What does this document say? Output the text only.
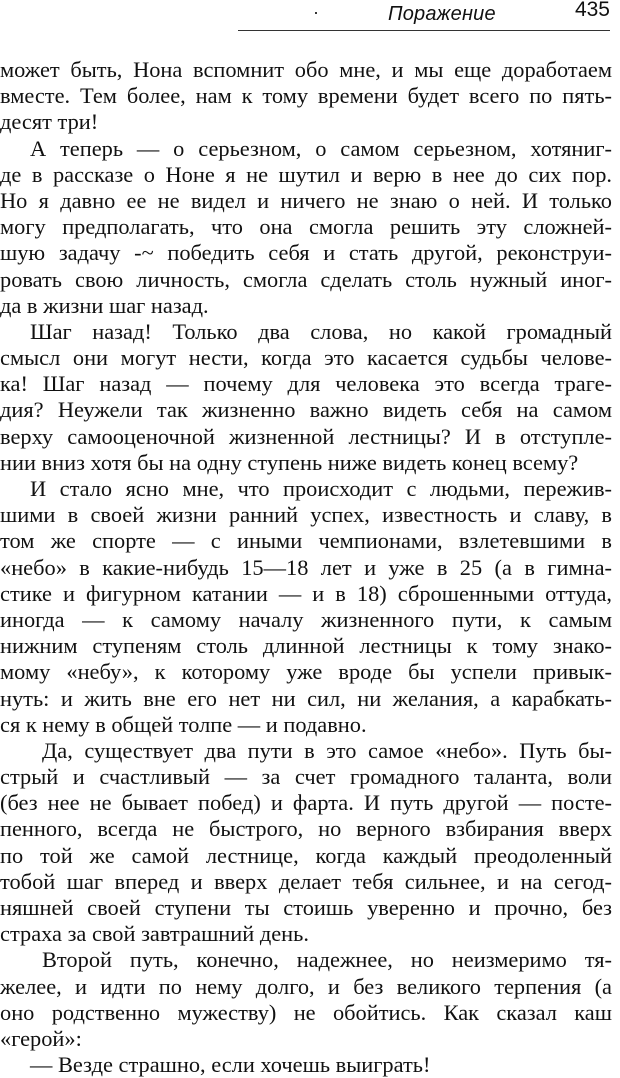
·	Поражение	435
может быть, Нона вспомнит обо мне, и мы еще доработаем
вместе. Тем более, нам к тому времени будет всего по пять-
десят три!
А теперь — о серьезном, о самом серьезном, хотяниг-
де в рассказе о Ноне я не шутил и верю в нее до сих пор.
Но я давно ее не видел и ничего не знаю о ней. И только
могу предполагать, что она смогла решить эту сложней-
шую задачу -~ победить себя и стать другой, реконструи-
ровать свою личность, смогла сделать столь нужный иног-
да в жизни шаг назад.
Шаг назад! Только два слова, но какой громадный
смысл они могут нести, когда это касается судьбы челове-
ка! Шаг назад — почему для человека это всегда траге-
дия? Неужели так жизненно важно видеть себя на самом
верху самооценочной жизненной лестницы? И в отступле-
нии вниз хотя бы на одну ступень ниже видеть конец всему?
И стало ясно мне, что происходит с людьми, пережив-
шими в своей жизни ранний успех, известность и славу, в
том же спорте — с иными чемпионами, взлетевшими в
«небо» в какие-нибудь 15—18 лет и уже в 25 (а в гимна-
стике и фигурном катании — и в 18) сброшенными оттуда,
иногда — к самому началу жизненного пути, к самым
нижним ступеням столь длинной лестницы к тому знако-
мому «небу», к которому уже вроде бы успели привык-
нуть: и жить вне его нет ни сил, ни желания, а карабкать-
ся к нему в общей толпе — и подавно.
Да, существует два пути в это самое «небо». Путь бы-
стрый и счастливый — за счет громадного таланта, воли
(без нее не бывает побед) и фарта. И путь другой — посте-
пенного, всегда не быстрого, но верного взбирания вверх
по той же самой лестнице, когда каждый преодоленный
тобой шаг вперед и вверх делает тебя сильнее, и на сегод-
няшней своей ступени ты стоишь уверенно и прочно, без
страха за свой завтрашний день.
Второй путь, конечно, надежнее, но неизмеримо тя-
желее, и идти по нему долго, и без великого терпения (а
оно родственно мужеству) не обойтись. Как сказал каш
«герой»:
— Везде страшно, если хочешь выиграть!
